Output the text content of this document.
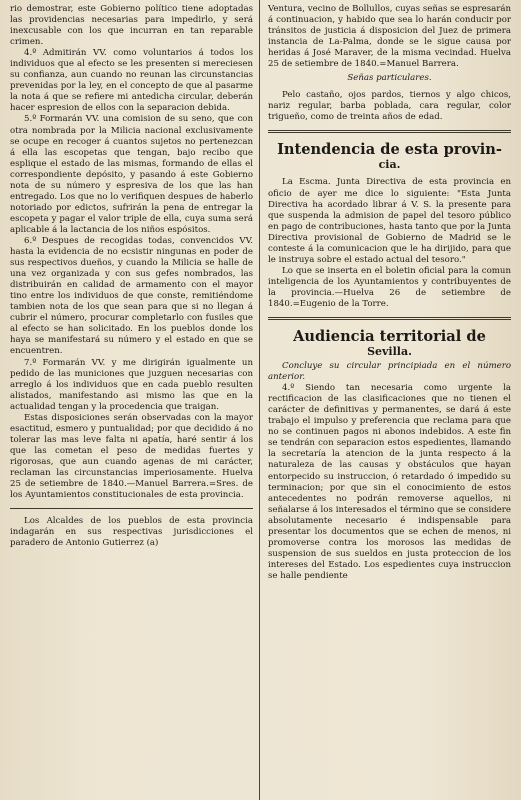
rio demostrar, este Gobierno político tiene adoptadas las providencias necesarias para impedirlo, y será inexcusable con los que incurran en tan reparable crimen.

4.º Admitirán VV. como voluntarios á todos los individuos que al efecto se les presenten si mereciesen su confianza, aun cuando no reunan las circunstancias prevenidas por la ley, en el concepto de que al pasarme la nota á que se refiere mi antedicha circular, deberán hacer espresion de ellos con la separacion debida.

5.º Formarán VV. una comision de su seno, que con otra nombrada por la Milicia nacional exclusivamente se ocupe en recoger á cuantos sujetos no pertenezcan á ella las escopetas que tengan, bajo recibo que esplique el estado de las mismas, formando de ellas el correspondiente depósito, y pasando á este Gobierno nota de su número y espresiva de los que las han entregado. Los que no lo verifiquen despues de haberlo notoriado por edictos, sufrirán la pena de entregar la escopeta y pagar el valor triple de ella, cuya suma será aplicable á la lactancia de los niños espósitos.

6.º Despues de recogidas todas, convencidos VV. hasta la evidencia de no ecsistir ningunas en poder de sus respectivos dueños, y cuando la Milicia se halle de una vez organizada y con sus gefes nombrados, las distribuirán en calidad de armamento con el mayor tino entre los individuos de que conste, remitiéndome tambien nota de los que sean para que si no llegan á cubrir el número, procurar completarlo con fusiles que al efecto se han solicitado. En los pueblos donde los haya se manifestará su número y el estado en que se encuentren.

7.º Formarán VV. y me dirigirán igualmente un pedido de las municiones que juzguen necesarias con arreglo á los individuos que en cada pueblo resulten alistados, manifestando asi mismo las que en la actualidad tengan y la procedencia que traigan.

Estas disposiciones serán observadas con la mayor esactitud, esmero y puntualidad; por que decidido á no tolerar las mas leve falta ni apatía, haré sentir á los que las cometan el peso de medidas fuertes y rigorosas, que aun cuando agenas de mi carácter, reclaman las circunstancias imperiosamente. Huelva 25 de setiembre de 1840.—Manuel Barrera.=Sres. de los Ayuntamientos constitucionales de esta provincia.

Los Alcaldes de los pueblos de esta provincia indagarán en sus respectivas jurisdicciones el paradero de Antonio Gutierrez (a)

Ventura, vecino de Bollullos, cuyas señas se espresarán á continuacion, y habido que sea lo harán conducir por tránsitos de justicia á disposicion del Juez de primera instancia de La-Palma, donde se le sigue causa por heridas á José Maraver, de la misma vecindad. Huelva 25 de setiembre de 1840.=Manuel Barrera.

Señas particulares.

Pelo castaño, ojos pardos, tiernos y algo chicos, nariz regular, barba poblada, cara regular, color trigueño, como de treinta años de edad.

Intendencia de esta provin-
cia.

La Escma. Junta Directiva de esta provincia en oficio de ayer me dice lo siguiente: "Esta Junta Directiva ha acordado librar á V. S. la presente para que suspenda la admision de papel del tesoro público en pago de contribuciones, hasta tanto que por la Junta Directiva provisional de Gobierno de Madrid se le conteste á la comunicacion que le ha dirijido, para que le instruya sobre el estado actual del tesoro."

Lo que se inserta en el boletin oficial para la comun inteligencia de los Ayuntamientos y contribuyentes de la provincia.—Huelva 26 de setiembre de 1840.=Eugenio de la Torre.

Audiencia territorial de
Sevilla.

Concluye su circular principiada en el número anterior.

4.º Siendo tan necesaria como urgente la rectificacion de las clasificaciones que no tienen el carácter de definitivas y permanentes, se dará á este trabajo el impulso y preferencia que reclama para que no se continuen pagos ni abonos indebidos. A este fin se tendrán con separacion estos espedientes, llamando la secretaría la atencion de la junta respecto á la naturaleza de las causas y obstáculos que hayan entorpecido su instruccion, ó retardado ó impedido su terminacion; por que sin el conocimiento de estos antecedentes no podrán removerse aquellos, ni señalarse á los interesados el término que se considere absolutamente necesario é indispensable para presentar los documentos que se echen de menos, ni promoverse contra los morosos las medidas de suspension de sus sueldos en justa proteccion de los intereses del Estado. Los espedientes cuya instruccion se halle pendiente
